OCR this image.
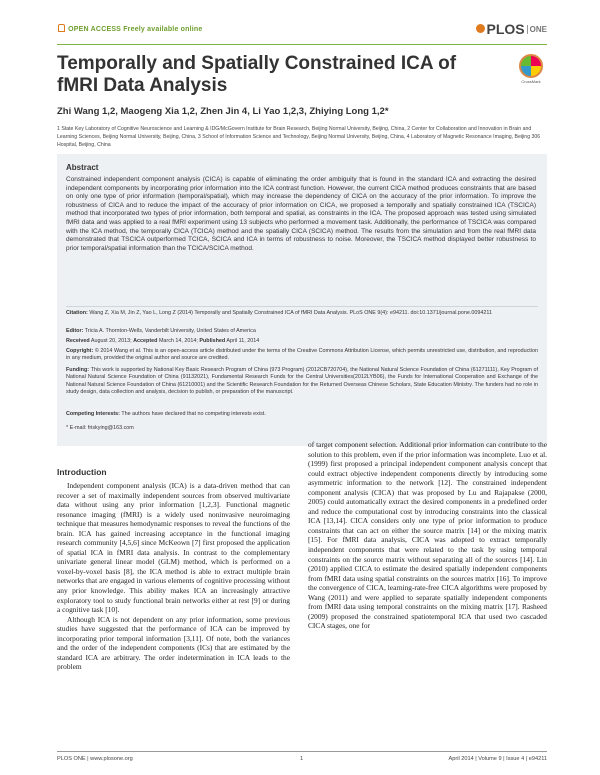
OPEN ACCESS Freely available online	PLOS ONE
Temporally and Spatially Constrained ICA of fMRI Data Analysis	CrossMark
Zhi Wang 1,2, Maogeng Xia 1,2, Zhen Jin 4, Li Yao 1,2,3, Zhiying Long 1,2*
1 State Key Laboratory of Cognitive Neuroscience and Learning & IDG/McGovern Institute for Brain Research, Beijing Normal University, Beijing, China, 2 Center for Collaboration and Innovation in Brain and Learning Sciences, Beijing Normal University, Beijing, China, 3 School of Information Science and Technology, Beijing Normal University, Beijing, China, 4 Laboratory of Magnetic Resonance Imaging, Beijing 306 Hospital, Beijing, China
Abstract
Constrained independent component analysis (CICA) is capable of eliminating the order ambiguity that is found in the standard ICA and extracting the desired independent components by incorporating prior information into the ICA contrast function. However, the current CICA method produces constraints that are based on only one type of prior information (temporal/spatial), which may increase the dependency of CICA on the accuracy of the prior information. To improve the robustness of CICA and to reduce the impact of the accuracy of prior information on CICA, we proposed a temporally and spatially constrained ICA (TSCICA) method that incorporated two types of prior information, both temporal and spatial, as constraints in the ICA. The proposed approach was tested using simulated fMRI data and was applied to a real fMRI experiment using 13 subjects who performed a movement task. Additionally, the performance of TSCICA was compared with the ICA method, the temporally CICA (TCICA) method and the spatially CICA (SCICA) method. The results from the simulation and from the real fMRI data demonstrated that TSCICA outperformed TCICA, SCICA and ICA in terms of robustness to noise. Moreover, the TSCICA method displayed better robustness to prior temporal/spatial information than the TCICA/SCICA method.
Citation: Wang Z, Xia M, Jin Z, Yao L, Long Z (2014) Temporally and Spatially Constrained ICA of fMRI Data Analysis. PLoS ONE 9(4): e94211. doi:10.1371/journal.pone.0094211
Editor: Tricia A. Thornton-Wells, Vanderbilt University, United States of America
Received August 20, 2013; Accepted March 14, 2014; Published April 11, 2014
Copyright: © 2014 Wang et al. This is an open-access article distributed under the terms of the Creative Commons Attribution License, which permits unrestricted use, distribution, and reproduction in any medium, provided the original author and source are credited.
Funding: This work is supported by National Key Basic Research Program of China (973 Program) (2012CB720704), the National Natural Science Foundation of China (61271111), Key Program of National Natural Science Foundation of China (91132021), Fundamental Research Funds for the Central Universities(2012LYB06), the Funds for International Cooperation and Exchange of the National Natural Science Foundation of China (61210001) and the Scientific Research Foundation for the Returned Overseas Chinese Scholars, State Education Ministry. The funders had no role in study design, data collection and analysis, decision to publish, or preparation of the manuscript.
Competing Interests: The authors have declared that no competing interests exist.
* E-mail: friskying@163.com
Introduction

Independent component analysis (ICA) is a data-driven method that can recover a set of maximally independent sources from observed multivariate data without using any prior information [1,2,3]. Functional magnetic resonance imaging (fMRI) is a widely used noninvasive neuroimaging technique that measures hemodynamic responses to reveal the functions of the brain. ICA has gained increasing acceptance in the functional imaging research community [4,5,6] since McKeown [7] first proposed the application of spatial ICA in fMRI data analysis. In contrast to the complementary univariate general linear model (GLM) method, which is performed on a voxel-by-voxel basis [8], the ICA method is able to extract multiple brain networks that are engaged in various elements of cognitive processing without any prior knowledge. This ability makes ICA an increasingly attractive exploratory tool to study functional brain networks either at rest [9] or during a cognitive task [10].

Although ICA is not dependent on any prior information, some previous studies have suggested that the performance of ICA can be improved by incorporating prior temporal information [3,11]. Of note, both the variances and the order of the independent components (ICs) that are estimated by the standard ICA are arbitrary. The order indetermination in ICA leads to the problem

of target component selection. Additional prior information can contribute to the solution to this problem, even if the prior information was incomplete. Luo et al. (1999) first proposed a principal independent component analysis concept that could extract objective independent components directly by introducing some asymmetric information to the network [12]. The constrained independent component analysis (CICA) that was proposed by Lu and Rajapakse (2000, 2005) could automatically extract the desired components in a predefined order and reduce the computational cost by introducing constraints into the classical ICA [13,14]. CICA considers only one type of prior information to produce constraints that can act on either the source matrix [14] or the mixing matrix [15]. For fMRI data analysis, CICA was adopted to extract temporally independent components that were related to the task by using temporal constraints on the source matrix without separating all of the sources [14]. Lin (2010) applied CICA to estimate the desired spatially independent components from fMRI data using spatial constraints on the sources matrix [16]. To improve the convergence of CICA, learning-rate-free CICA algorithms were proposed by Wang (2011) and were applied to separate spatially independent components from fMRI data using temporal constraints on the mixing matrix [17]. Rasheed (2009) proposed the constrained spatiotemporal ICA that used two cascaded CICA stages, one for

PLOS ONE | www.plosone.org	1	April 2014 | Volume 9 | Issue 4 | e94211
